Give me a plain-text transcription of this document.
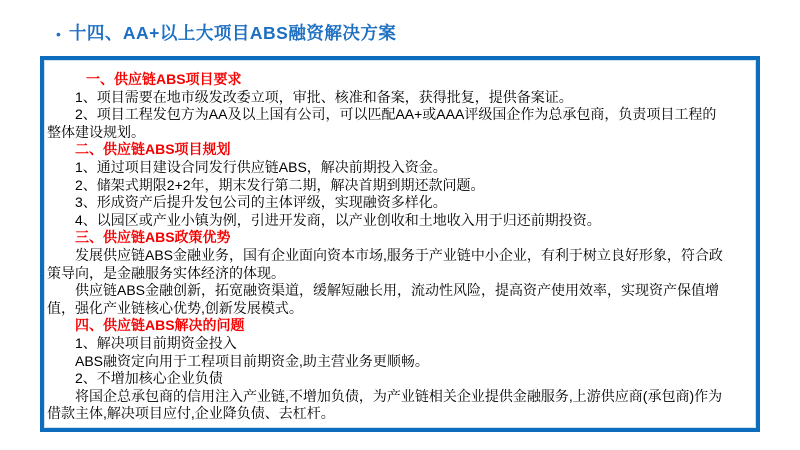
• 十四、AA+以上大项目ABS融资解决方案
一、供应链ABS项目要求
1、项目需要在地市级发改委立项，审批、核准和备案，获得批复，提供备案证。
2、项目工程发包方为AA及以上国有公司，可以匹配AA+或AAA评级国企作为总承包商，负责项目工程的
整体建设规划。
二、供应链ABS项目规划
1、通过项目建设合同发行供应链ABS，解决前期投入资金。
2、储架式期限2+2年，期末发行第二期，解决首期到期还款问题。
3、形成资产后提升发包公司的主体评级，实现融资多样化。
4、以园区或产业小镇为例，引进开发商，以产业创收和土地收入用于归还前期投资。
三、供应链ABS政策优势
发展供应链ABS金融业务，国有企业面向资本市场,服务于产业链中小企业，有利于树立良好形象，符合政
策导向，是金融服务实体经济的体现。
供应链ABS金融创新，拓宽融资渠道，缓解短融长用，流动性风险，提高资产使用效率，实现资产保值增
值，强化产业链核心优势,创新发展模式。
四、供应链ABS解决的问题
1、解决项目前期资金投入
ABS融资定向用于工程项目前期资金,助主营业务更顺畅。
2、不增加核心企业负债
将国企总承包商的信用注入产业链,不增加负债，为产业链相关企业提供金融服务,上游供应商(承包商)作为
借款主体,解决项目应付,企业降负债、去杠杆。
